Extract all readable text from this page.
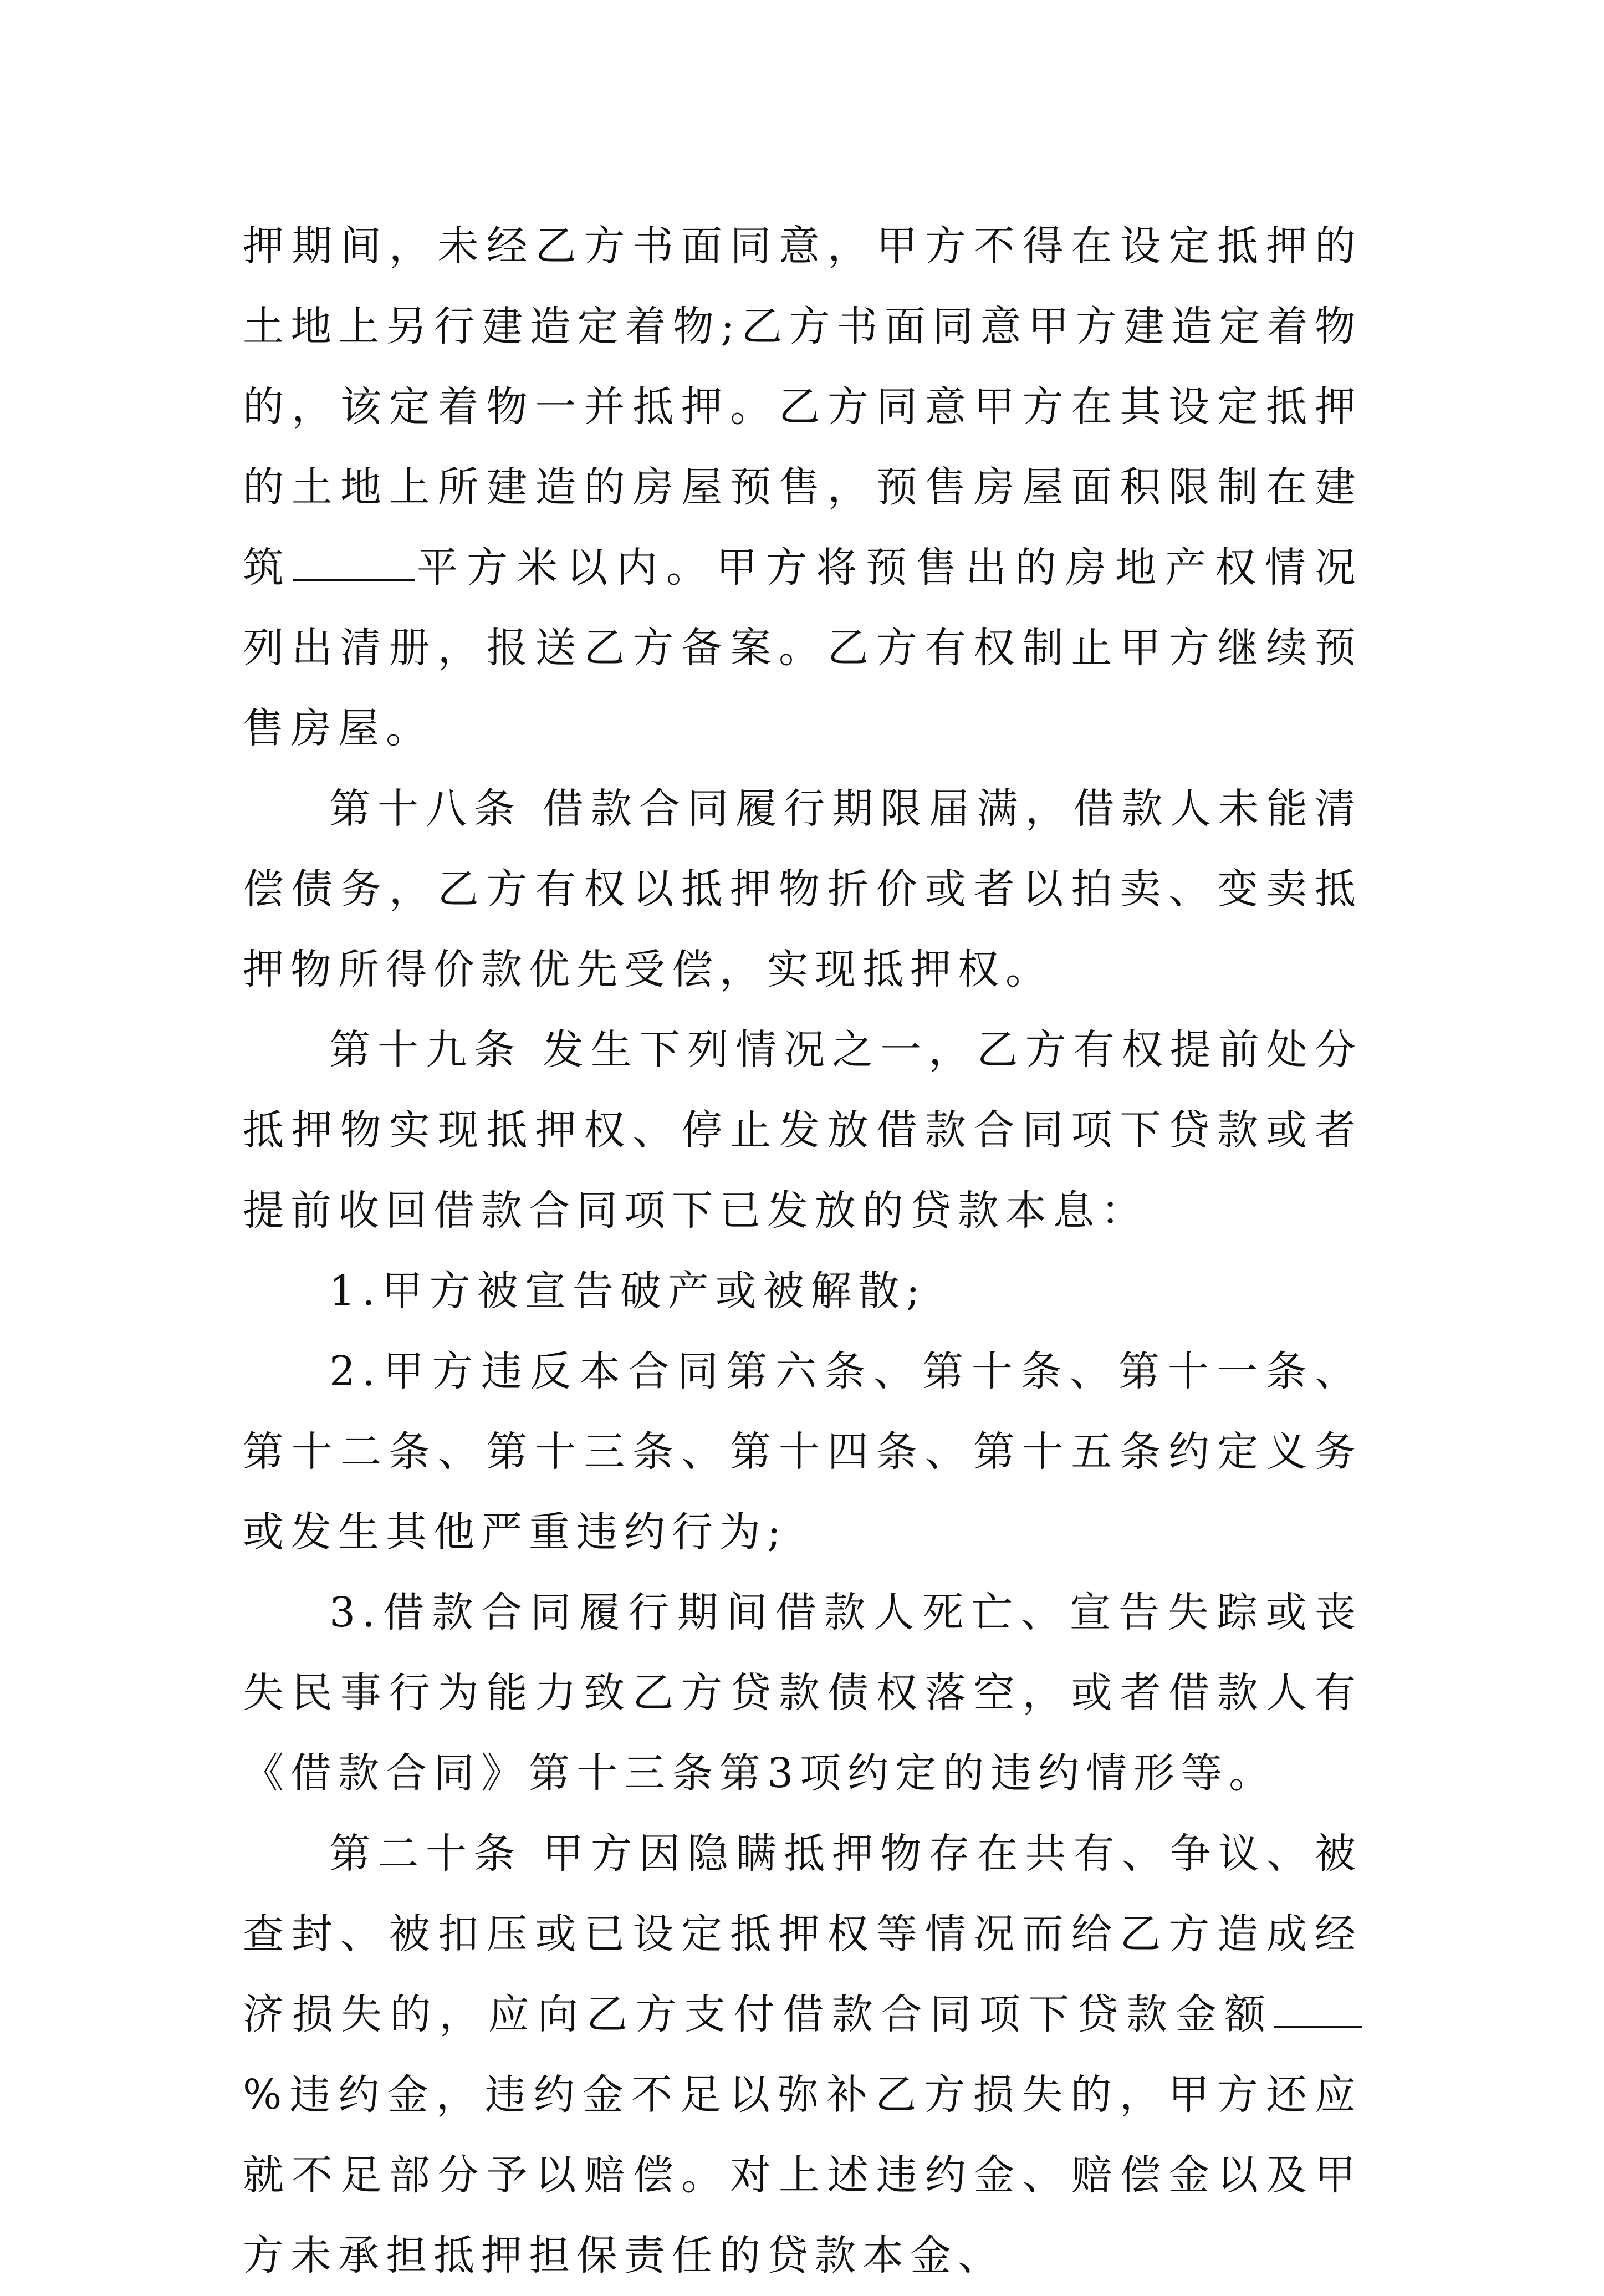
押期间，未经乙方书面同意，甲方不得在设定抵押的土地上另行建造定着物;乙方书面同意甲方建造定着物的，该定着物一并抵押。乙方同意甲方在其设定抵押的土地上所建造的房屋预售，预售房屋面积限制在建筑	平方米以内。甲方将预售出的房地产权情况列出清册，报送乙方备案。乙方有权制止甲方继续预售房屋。

第十八条 借款合同履行期限届满，借款人未能清偿债务，乙方有权以抵押物折价或者以拍卖、变卖抵押物所得价款优先受偿，实现抵押权。

第十九条 发生下列情况之一，乙方有权提前处分抵押物实现抵押权、停止发放借款合同项下贷款或者提前收回借款合同项下已发放的贷款本息：

1.甲方被宣告破产或被解散;

2.甲方违反本合同第六条、第十条、第十一条、第十二条、第十三条、第十四条、第十五条约定义务或发生其他严重违约行为;

3.借款合同履行期间借款人死亡、宣告失踪或丧失民事行为能力致乙方贷款债权落空，或者借款人有《借款合同》第十三条第3项约定的违约情形等。

第二十条 甲方因隐瞒抵押物存在共有、争议、被查封、被扣压或已设定抵押权等情况而给乙方造成经济损失的，应向乙方支付借款合同项下贷款金额%违约金，违约金不足以弥补乙方损失的，甲方还应就不足部分予以赔偿。对上述违约金、赔偿金以及甲方未承担抵押担保责任的贷款本金、
